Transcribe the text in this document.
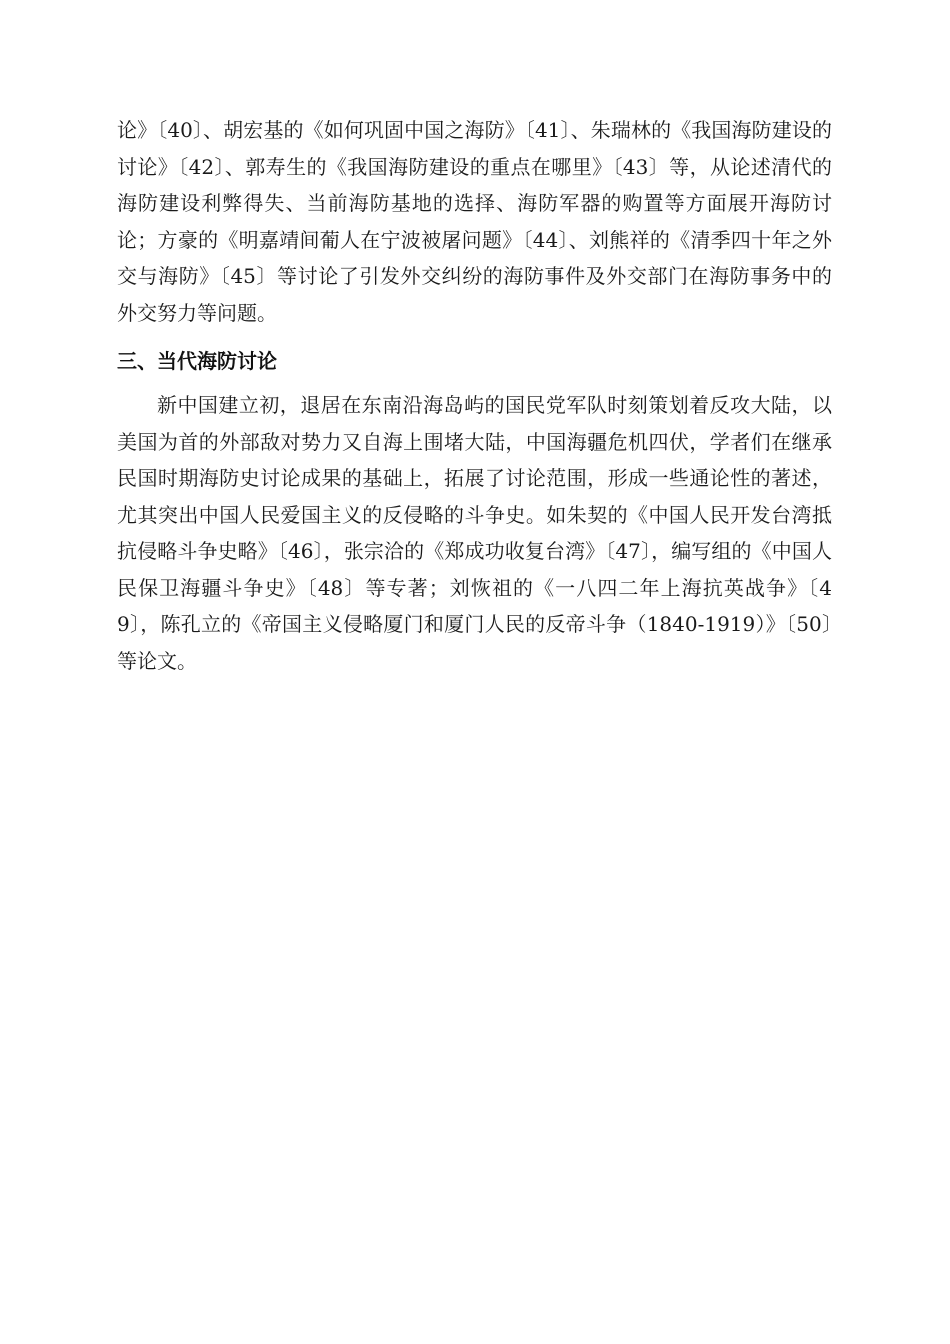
论》〔40〕、胡宏基的《如何巩固中国之海防》〔41〕、朱瑞林的《我国海防建设的讨论》〔42〕、郭寿生的《我国海防建设的重点在哪里》〔43〕等，从论述清代的海防建设利弊得失、当前海防基地的选择、海防军器的购置等方面展开海防讨论；方豪的《明嘉靖间葡人在宁波被屠问题》〔44〕、刘熊祥的《清季四十年之外交与海防》〔45〕等讨论了引发外交纠纷的海防事件及外交部门在海防事务中的外交努力等问题。

三、当代海防讨论

新中国建立初，退居在东南沿海岛屿的国民党军队时刻策划着反攻大陆，以美国为首的外部敌对势力又自海上围堵大陆，中国海疆危机四伏，学者们在继承民国时期海防史讨论成果的基础上，拓展了讨论范围，形成一些通论性的著述，尤其突出中国人民爱国主义的反侵略的斗争史。如朱契的《中国人民开发台湾抵抗侵略斗争史略》〔46〕，张宗洽的《郑成功收复台湾》〔47〕，编写组的《中国人民保卫海疆斗争史》〔48〕等专著；刘恢祖的《一八四二年上海抗英战争》〔49〕，陈孔立的《帝国主义侵略厦门和厦门人民的反帝斗争（1840-1919）》〔50〕等论文。
